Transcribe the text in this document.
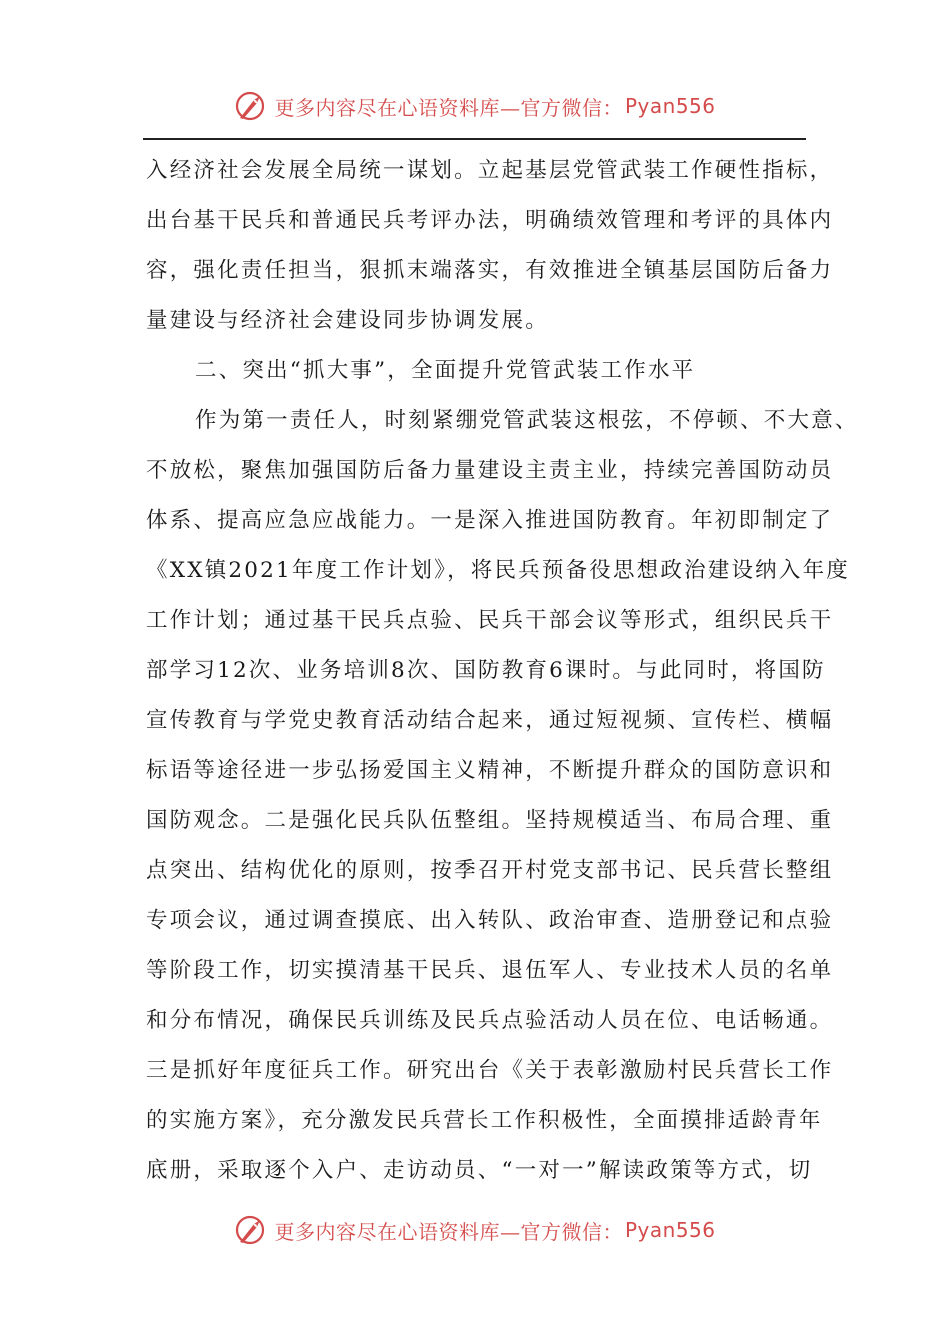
更多内容尽在心语资料库—官方微信： Pyan556
入经济社会发展全局统一谋划。立起基层党管武装工作硬性指标，
出台基干民兵和普通民兵考评办法，明确绩效管理和考评的具体内
容，强化责任担当，狠抓末端落实，有效推进全镇基层国防后备力
量建设与经济社会建设同步协调发展。
二、突出“抓大事”，全面提升党管武装工作水平
作为第一责任人，时刻紧绷党管武装这根弦，不停顿、不大意、
不放松，聚焦加强国防后备力量建设主责主业，持续完善国防动员
体系、提高应急应战能力。一是深入推进国防教育。年初即制定了
《XX镇2021年度工作计划》，将民兵预备役思想政治建设纳入年度
工作计划；通过基干民兵点验、民兵干部会议等形式，组织民兵干
部学习12次、业务培训8次、国防教育6课时。与此同时，将国防
宣传教育与学党史教育活动结合起来，通过短视频、宣传栏、横幅
标语等途径进一步弘扬爱国主义精神，不断提升群众的国防意识和
国防观念。二是强化民兵队伍整组。坚持规模适当、布局合理、重
点突出、结构优化的原则，按季召开村党支部书记、民兵营长整组
专项会议，通过调查摸底、出入转队、政治审查、造册登记和点验
等阶段工作，切实摸清基干民兵、退伍军人、专业技术人员的名单
和分布情况，确保民兵训练及民兵点验活动人员在位、电话畅通。
三是抓好年度征兵工作。研究出台《关于表彰激励村民兵营长工作
的实施方案》，充分激发民兵营长工作积极性，全面摸排适龄青年
底册，采取逐个入户、走访动员、“一对一”解读政策等方式，切
更多内容尽在心语资料库—官方微信： Pyan556
